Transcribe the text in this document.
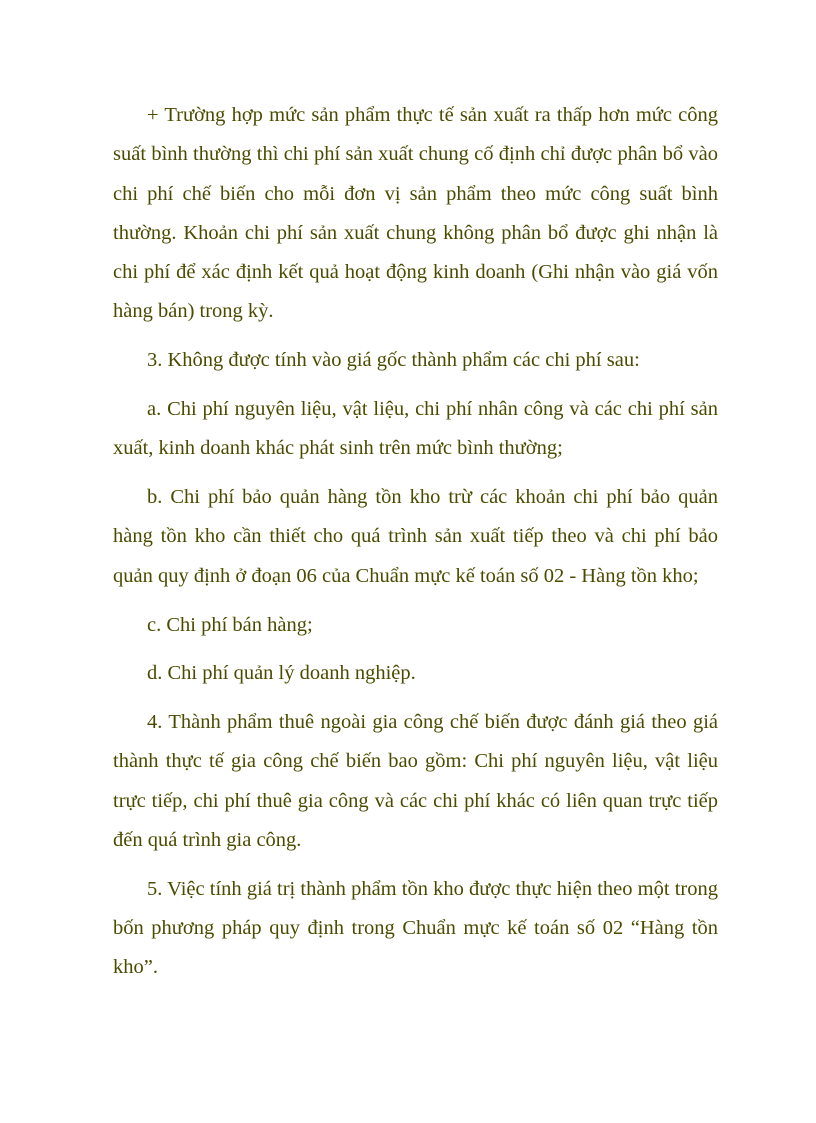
+ Trường hợp mức sản phẩm thực tế sản xuất ra thấp hơn mức công suất bình thường thì chi phí sản xuất chung cố định chỉ được phân bổ vào chi phí chế biến cho mỗi đơn vị sản phẩm theo mức công suất bình thường. Khoản chi phí sản xuất chung không phân bổ được ghi nhận là chi phí để xác định kết quả hoạt động kinh doanh (Ghi nhận vào giá vốn hàng bán) trong kỳ.

3. Không được tính vào giá gốc thành phẩm các chi phí sau:

a. Chi phí nguyên liệu, vật liệu, chi phí nhân công và các chi phí sản xuất, kinh doanh khác phát sinh trên mức bình thường;

b. Chi phí bảo quản hàng tồn kho trừ các khoản chi phí bảo quản hàng tồn kho cần thiết cho quá trình sản xuất tiếp theo và chi phí bảo quản quy định ở đoạn 06 của Chuẩn mực kế toán số 02 - Hàng tồn kho;

c. Chi phí bán hàng;

d. Chi phí quản lý doanh nghiệp.

4. Thành phẩm thuê ngoài gia công chế biến được đánh giá theo giá thành thực tế gia công chế biến bao gồm: Chi phí nguyên liệu, vật liệu trực tiếp, chi phí thuê gia công và các chi phí khác có liên quan trực tiếp đến quá trình gia công.

5. Việc tính giá trị thành phẩm tồn kho được thực hiện theo một trong bốn phương pháp quy định trong Chuẩn mực kế toán số 02 “Hàng tồn kho”.
